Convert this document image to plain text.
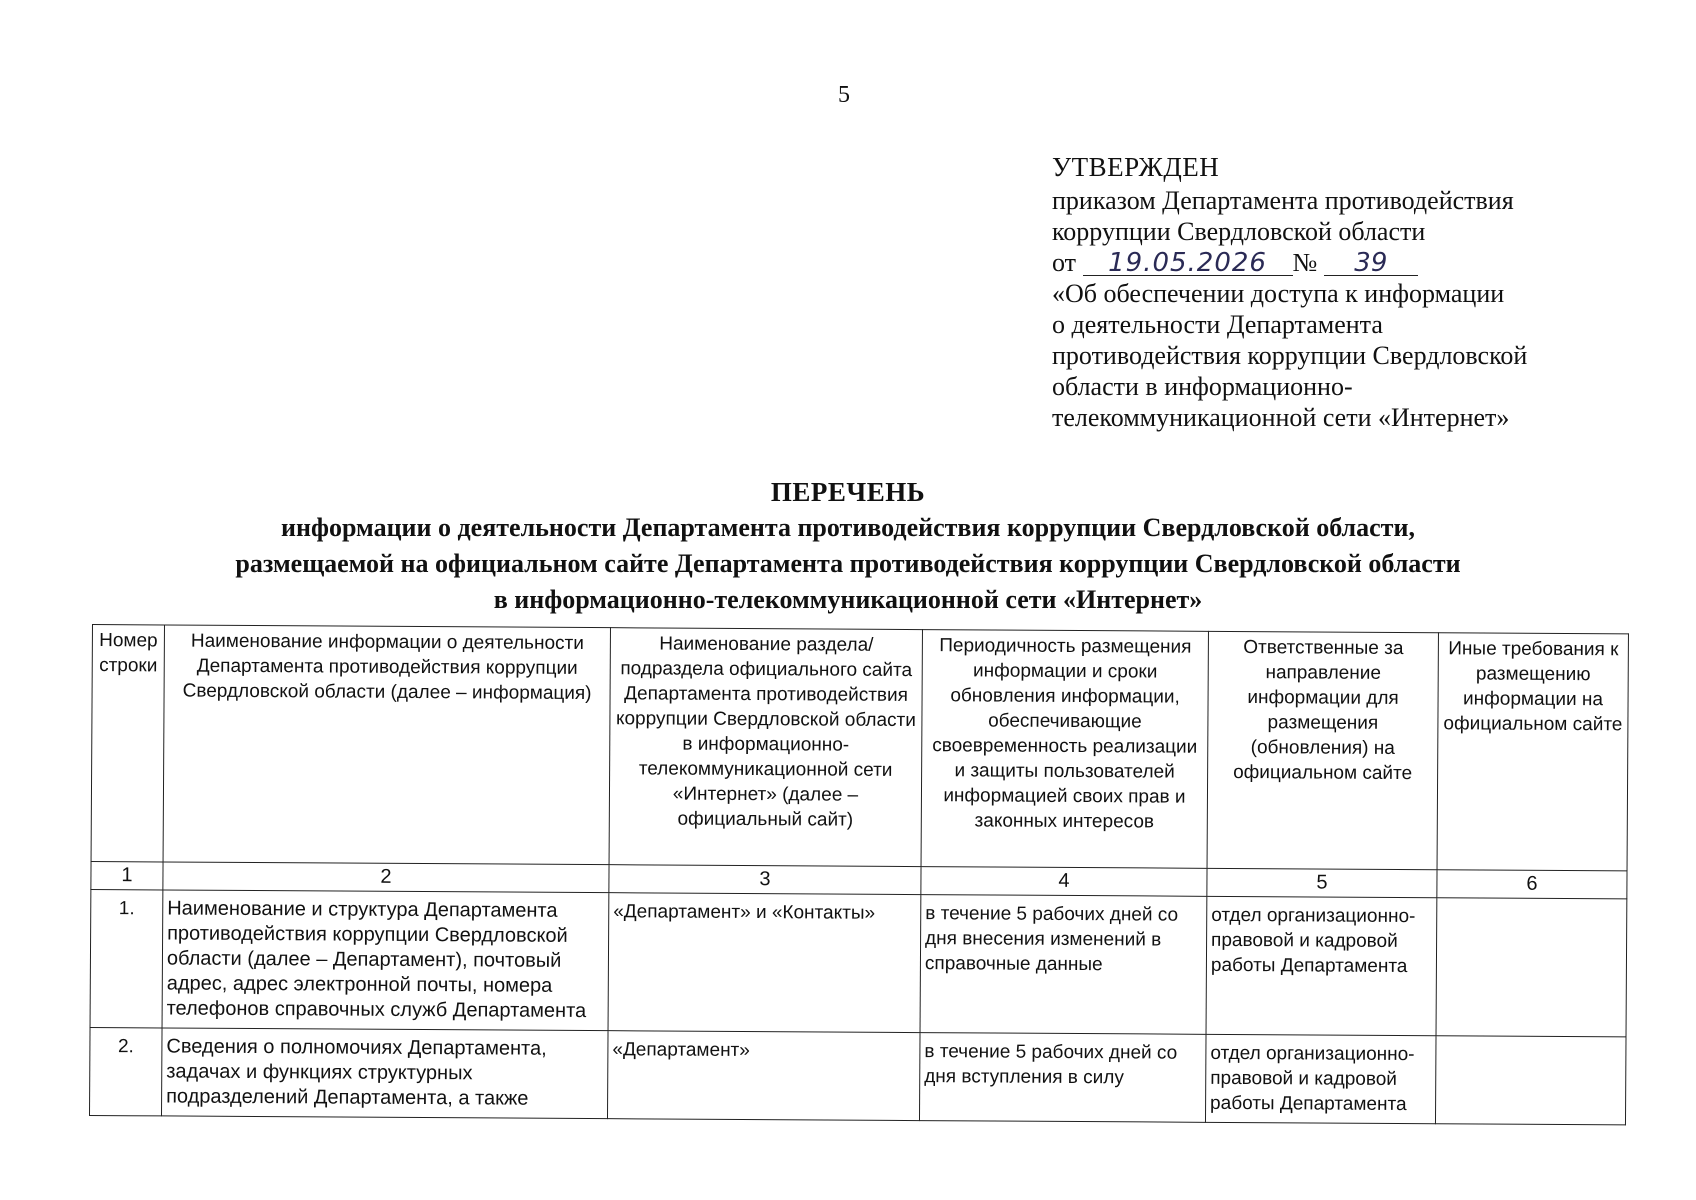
5
УТВЕРЖДЕН
приказом Департамента противодействия
коррупции Свердловской области
от 19.05.2026 № 39
«Об обеспечении доступа к информации
о деятельности Департамента
противодействия коррупции Свердловской
области в информационно-
телекоммуникационной сети «Интернет»
ПЕРЕЧЕНЬ
информации о деятельности Департамента противодействия коррупции Свердловской области,
размещаемой на официальном сайте Департамента противодействия коррупции Свердловской области
в информационно-телекоммуникационной сети «Интернет»
Номер строки	Наименование информации о деятельности Департамента противодействия коррупции Свердловской области (далее – информация)	Наименование раздела/ подраздела официального сайта Департамента противодействия коррупции Свердловской области в информационно-телекоммуникационной сети «Интернет» (далее – официальный сайт)	Периодичность размещения информации и сроки обновления информации, обеспечивающие своевременность реализации и защиты пользователей информацией своих прав и законных интересов	Ответственные за направление информации для размещения (обновления) на официальном сайте	Иные требования к размещению информации на официальном сайте
1	2	3	4	5	6
1.	Наименование и структура Департамента противодействия коррупции Свердловской области (далее – Департамент), почтовый адрес, адрес электронной почты, номера телефонов справочных служб Департамента	«Департамент» и «Контакты»	в течение 5 рабочих дней со дня внесения изменений в справочные данные	отдел организационно-правовой и кадровой работы Департамента	
2.	Сведения о полномочиях Департамента, задачах и функциях структурных подразделений Департамента, а также	«Департамент»	в течение 5 рабочих дней со дня вступления в силу	отдел организационно-правовой и кадровой работы Департамента	
